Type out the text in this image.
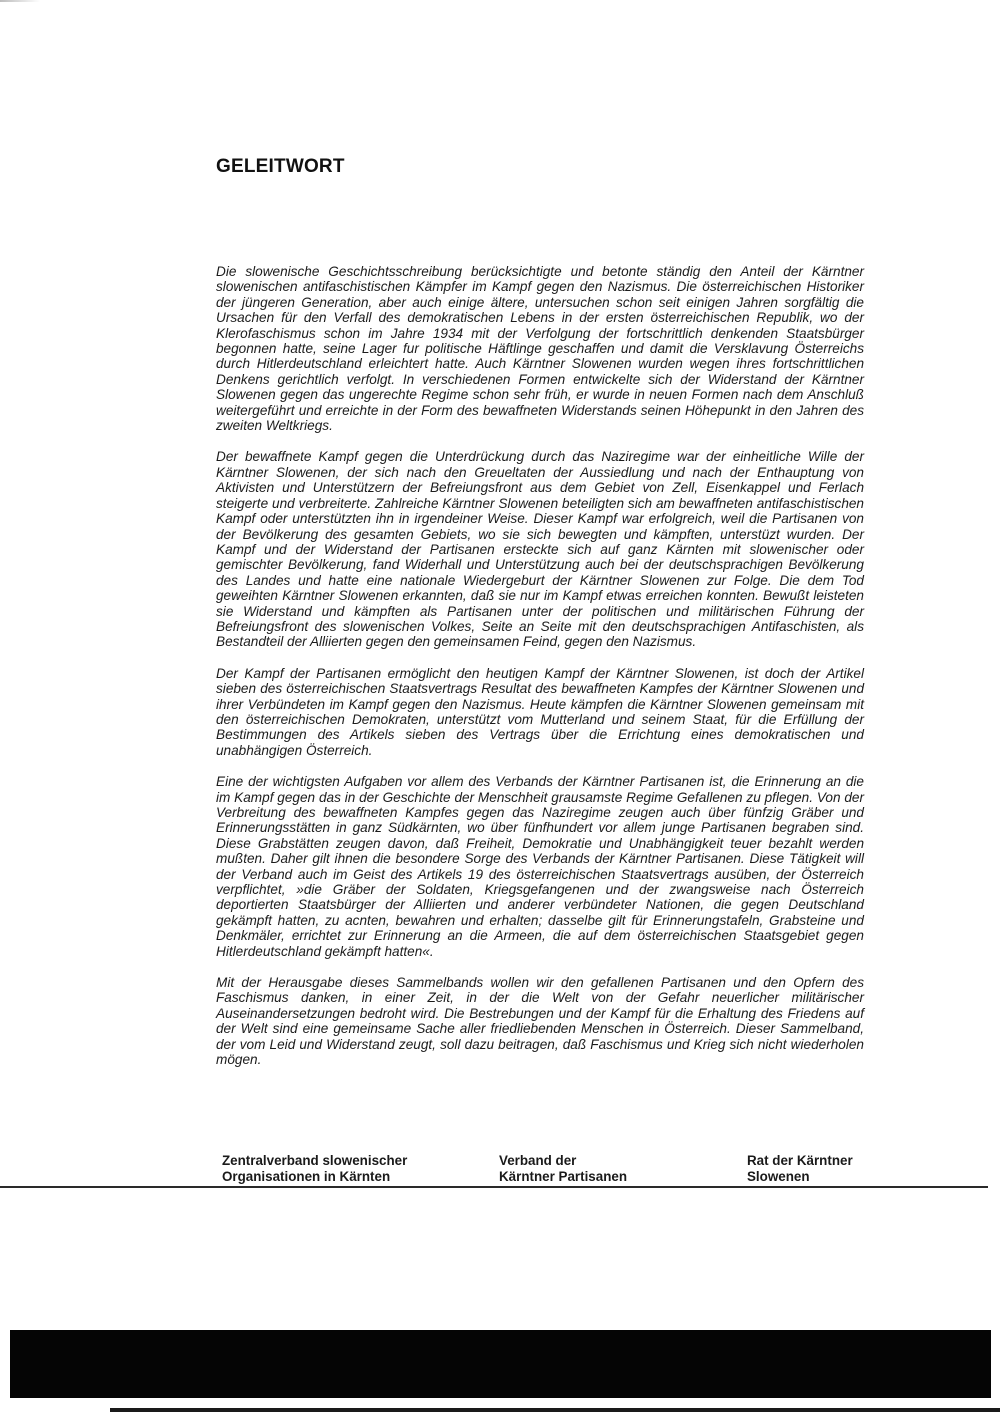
GELEITWORT

Die slowenische Geschichtsschreibung berücksichtigte und betonte ständig den Anteil der Kärntner slowenischen antifaschistischen Kämpfer im Kampf gegen den Nazismus. Die österreichischen Historiker der jüngeren Generation, aber auch einige ältere, untersuchen schon seit einigen Jahren sorgfältig die Ursachen für den Verfall des demokratischen Lebens in der ersten österreichischen Republik, wo der Klerofaschismus schon im Jahre 1934 mit der Verfolgung der fortschrittlich denkenden Staatsbürger begonnen hatte, seine Lager fur politische Häftlinge geschaffen und damit die Versklavung Österreichs durch Hitlerdeutschland erleichtert hatte. Auch Kärntner Slowenen wurden wegen ihres fortschrittlichen Denkens gerichtlich verfolgt. In verschiedenen Formen entwickelte sich der Widerstand der Kärntner Slowenen gegen das ungerechte Regime schon sehr früh, er wurde in neuen Formen nach dem Anschluß weitergeführt und erreichte in der Form des bewaffneten Widerstands seinen Höhepunkt in den Jahren des zweiten Weltkriegs.

Der bewaffnete Kampf gegen die Unterdrückung durch das Naziregime war der einheitliche Wille der Kärntner Slowenen, der sich nach den Greueltaten der Aussiedlung und nach der Enthauptung von Aktivisten und Unterstützern der Befreiungsfront aus dem Gebiet von Zell, Eisenkappel und Ferlach steigerte und verbreiterte. Zahlreiche Kärntner Slowenen beteiligten sich am bewaffneten antifaschistischen Kampf oder unterstützten ihn in irgendeiner Weise. Dieser Kampf war erfolgreich, weil die Partisanen von der Bevölkerung des gesamten Gebiets, wo sie sich bewegten und kämpften, unterstüzt wurden. Der Kampf und der Widerstand der Partisanen ersteckte sich auf ganz Kärnten mit slowenischer oder gemischter Bevölkerung, fand Widerhall und Unterstützung auch bei der deutschsprachigen Bevölkerung des Landes und hatte eine nationale Wiedergeburt der Kärntner Slowenen zur Folge. Die dem Tod geweihten Kärntner Slowenen erkannten, daß sie nur im Kampf etwas erreichen konnten. Bewußt leisteten sie Widerstand und kämpften als Partisanen unter der politischen und militärischen Führung der Befreiungsfront des slowenischen Volkes, Seite an Seite mit den deutschsprachigen Antifaschisten, als Bestandteil der Alliierten gegen den gemeinsamen Feind, gegen den Nazismus.

Der Kampf der Partisanen ermöglicht den heutigen Kampf der Kärntner Slowenen, ist doch der Artikel sieben des österreichischen Staatsvertrags Resultat des bewaffneten Kampfes der Kärntner Slowenen und ihrer Verbündeten im Kampf gegen den Nazismus. Heute kämpfen die Kärntner Slowenen gemeinsam mit den österreichischen Demokraten, unterstützt vom Mutterland und seinem Staat, für die Erfüllung der Bestimmungen des Artikels sieben des Vertrags über die Errichtung eines demokratischen und unabhängigen Österreich.

Eine der wichtigsten Aufgaben vor allem des Verbands der Kärntner Partisanen ist, die Erinnerung an die im Kampf gegen das in der Geschichte der Menschheit grausamste Regime Gefallenen zu pflegen. Von der Verbreitung des bewaffneten Kampfes gegen das Naziregime zeugen auch über fünfzig Gräber und Erinnerungsstätten in ganz Südkärnten, wo über fünfhundert vor allem junge Partisanen begraben sind. Diese Grabstätten zeugen davon, daß Freiheit, Demokratie und Unabhängigkeit teuer bezahlt werden mußten. Daher gilt ihnen die besondere Sorge des Verbands der Kärntner Partisanen. Diese Tätigkeit will der Verband auch im Geist des Artikels 19 des österreichischen Staatsvertrags ausüben, der Österreich verpflichtet, »die Gräber der Soldaten, Kriegsgefangenen und der zwangsweise nach Österreich deportierten Staatsbürger der Alliierten und anderer verbündeter Nationen, die gegen Deutschland gekämpft hatten, zu acnten, bewahren und erhalten; dasselbe gilt für Erinnerungstafeln, Grabsteine und Denkmäler, errichtet zur Erinnerung an die Armeen, die auf dem österreichischen Staatsgebiet gegen Hitlerdeutschland gekämpft hatten«.

Mit der Herausgabe dieses Sammelbands wollen wir den gefallenen Partisanen und den Opfern des Faschismus danken, in einer Zeit, in der die Welt von der Gefahr neuerlicher militärischer Auseinandersetzungen bedroht wird. Die Bestrebungen und der Kampf für die Erhaltung des Friedens auf der Welt sind eine gemeinsame Sache aller friedliebenden Menschen in Österreich. Dieser Sammelband, der vom Leid und Widerstand zeugt, soll dazu beitragen, daß Faschismus und Krieg sich nicht wiederholen mögen.

Zentralverband slowenischer
Organisationen in Kärnten
Verband der
Kärntner Partisanen
Rat der Kärntner
Slowenen
